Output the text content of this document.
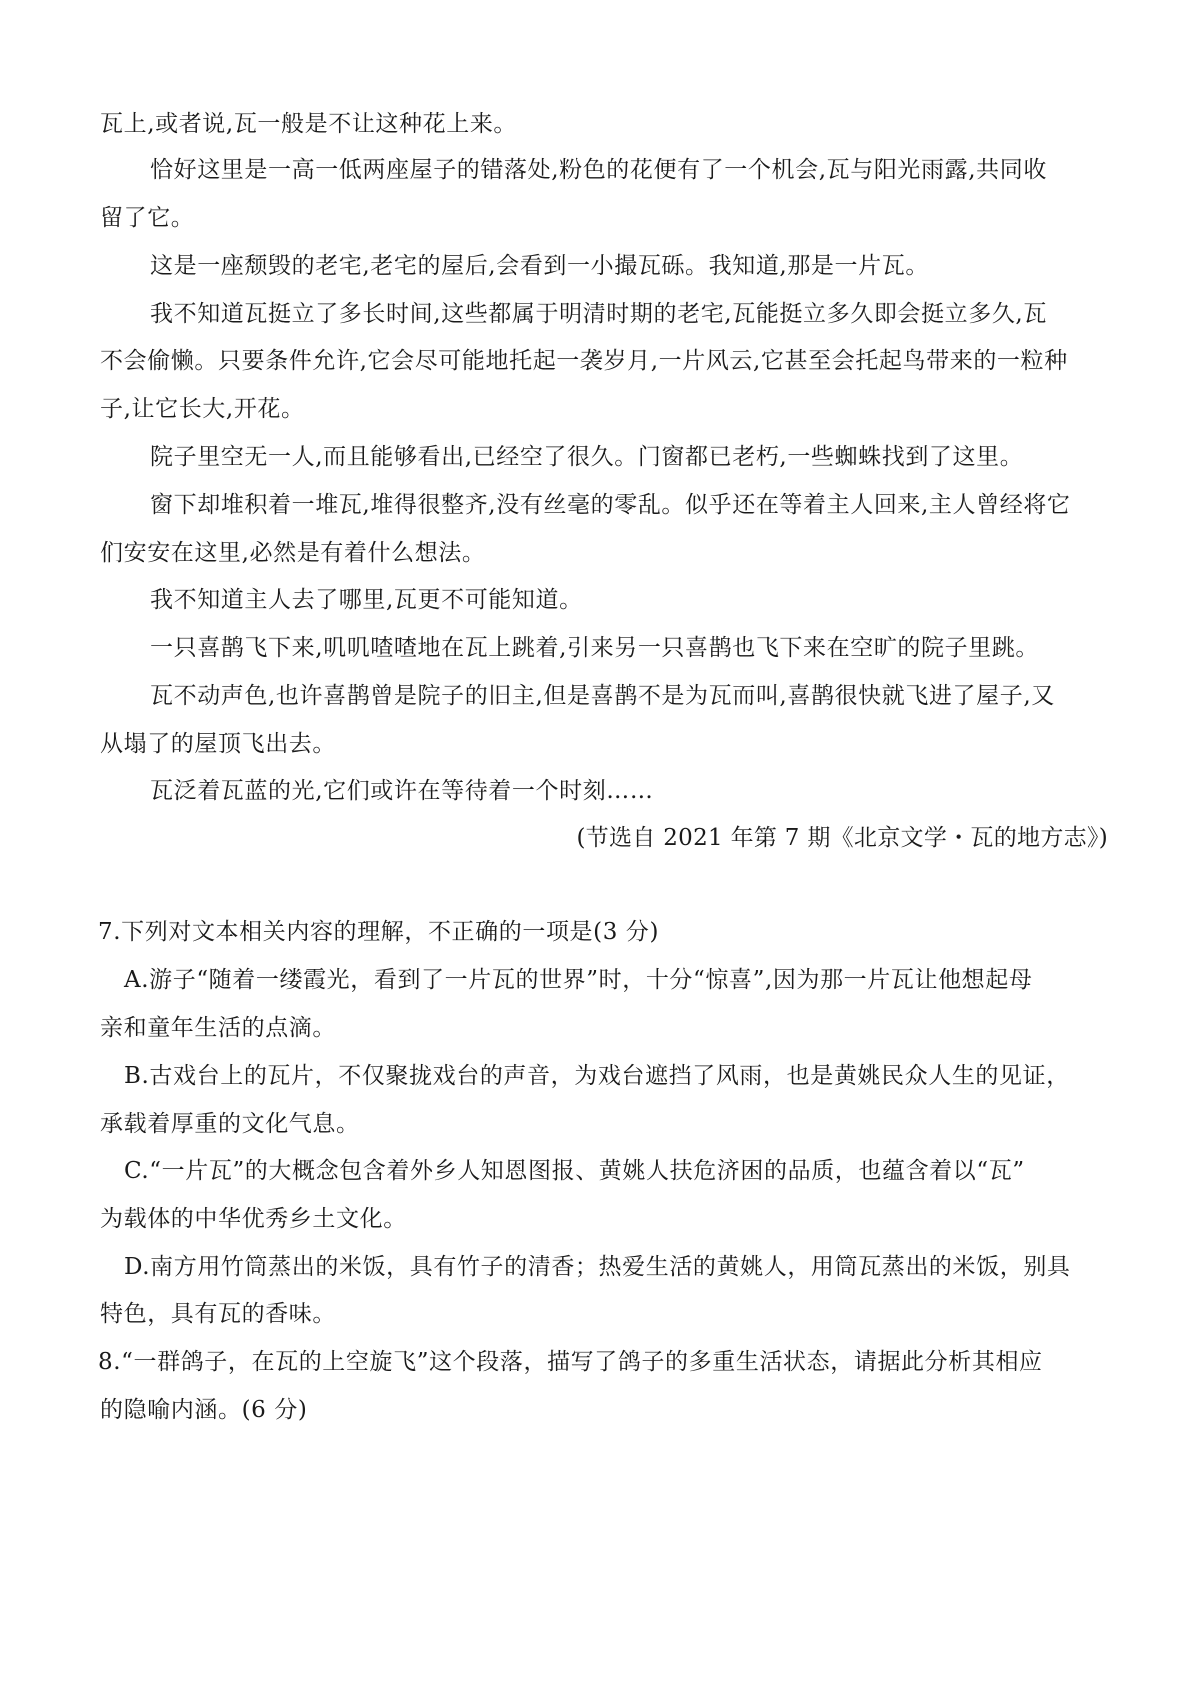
瓦上,或者说,瓦一般是不让这种花上来。
恰好这里是一高一低两座屋子的错落处,粉色的花便有了一个机会,瓦与阳光雨露,共同收
留了它。
这是一座颓毁的老宅,老宅的屋后,会看到一小撮瓦砾。我知道,那是一片瓦。
我不知道瓦挺立了多长时间,这些都属于明清时期的老宅,瓦能挺立多久即会挺立多久,瓦
不会偷懒。只要条件允许,它会尽可能地托起一袭岁月,一片风云,它甚至会托起鸟带来的一粒种
子,让它长大,开花。
院子里空无一人,而且能够看出,已经空了很久。门窗都已老朽,一些蜘蛛找到了这里。
窗下却堆积着一堆瓦,堆得很整齐,没有丝毫的零乱。似乎还在等着主人回来,主人曾经将它
们安安在这里,必然是有着什么想法。
我不知道主人去了哪里,瓦更不可能知道。
一只喜鹊飞下来,叽叽喳喳地在瓦上跳着,引来另一只喜鹊也飞下来在空旷的院子里跳。
瓦不动声色,也许喜鹊曾是院子的旧主,但是喜鹊不是为瓦而叫,喜鹊很快就飞进了屋子,又
从塌了的屋顶飞出去。
瓦泛着瓦蓝的光,它们或许在等待着一个时刻……
(节选自 2021 年第 7 期《北京文学・瓦的地方志》)
7.下列对文本相关内容的理解，不正确的一项是(3 分)
A.游子“随着一缕霞光，看到了一片瓦的世界”时，十分“惊喜”,因为那一片瓦让他想起母
亲和童年生活的点滴。
B.古戏台上的瓦片，不仅聚拢戏台的声音，为戏台遮挡了风雨，也是黄姚民众人生的见证，
承载着厚重的文化气息。
C.“一片瓦”的大概念包含着外乡人知恩图报、黄姚人扶危济困的品质，也蕴含着以“瓦”
为载体的中华优秀乡土文化。
D.南方用竹筒蒸出的米饭，具有竹子的清香；热爱生活的黄姚人，用筒瓦蒸出的米饭，别具
特色，具有瓦的香味。
8.“一群鸽子，在瓦的上空旋飞”这个段落，描写了鸽子的多重生活状态，请据此分析其相应
的隐喻内涵。(6 分)
